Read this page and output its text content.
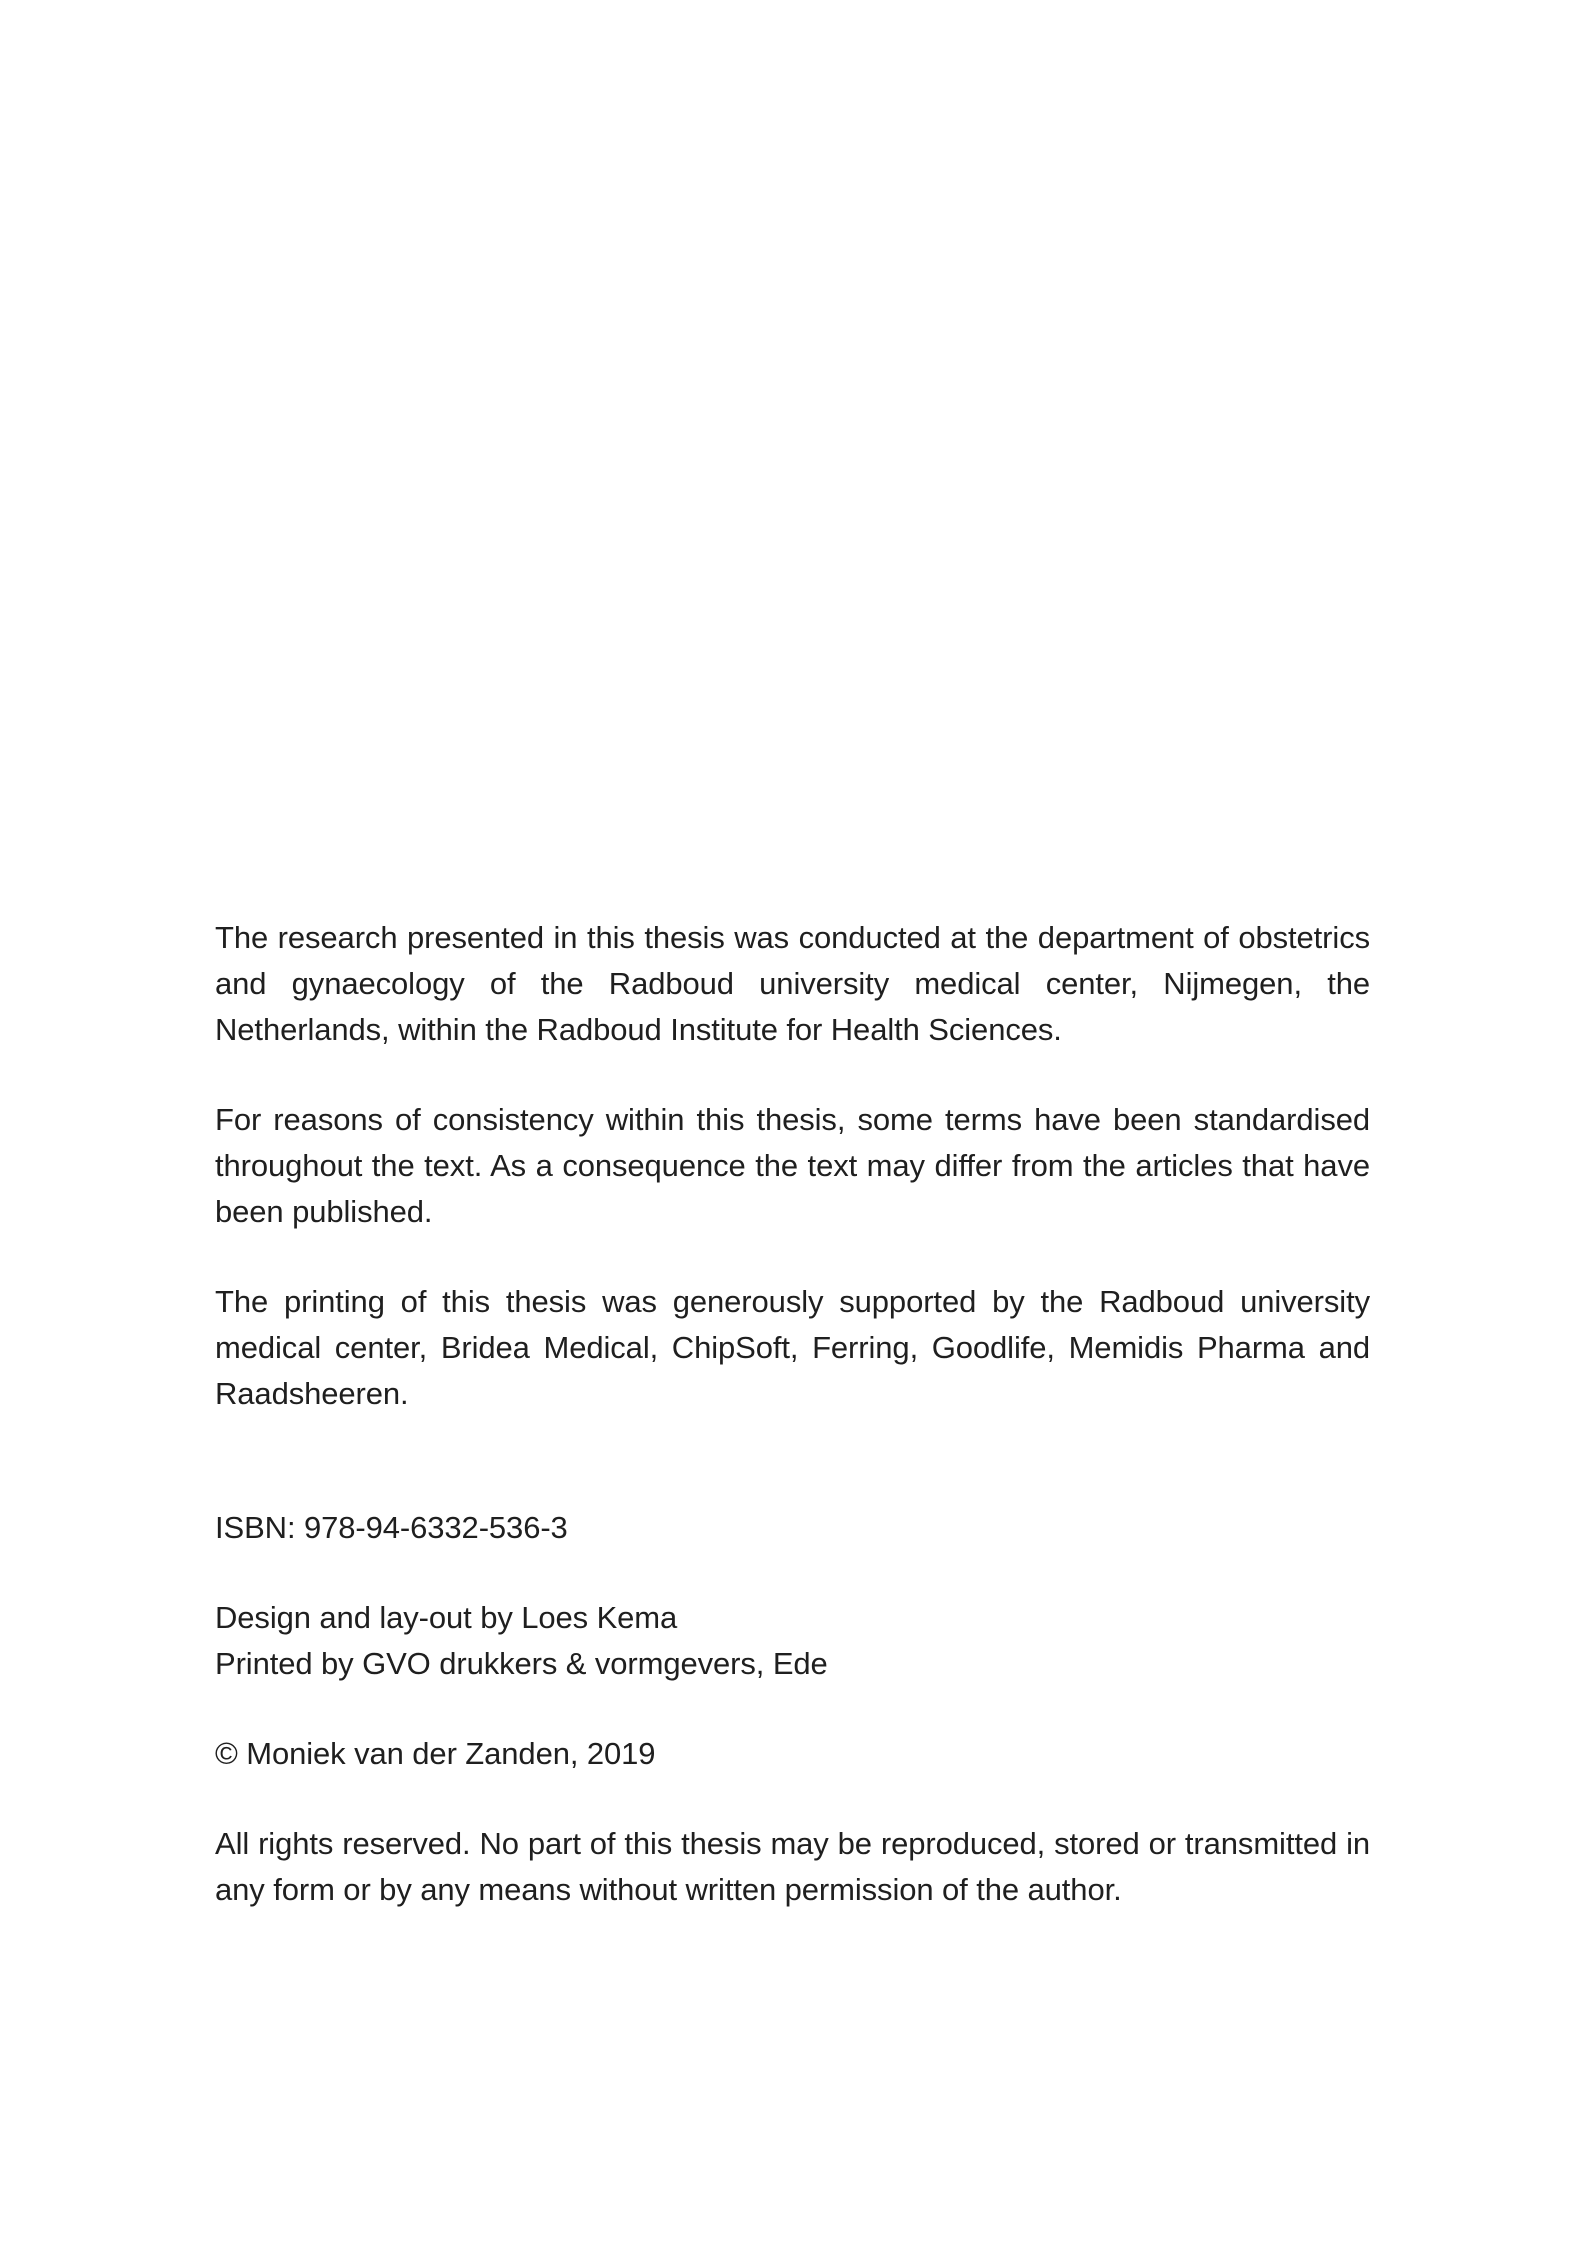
The research presented in this thesis was conducted at the department of obstetrics and gynaecology of the Radboud university medical center, Nijmegen, the Netherlands, within the Radboud Institute for Health Sciences.

For reasons of consistency within this thesis, some terms have been standardised throughout the text. As a consequence the text may differ from the articles that have been published.

The printing of this thesis was generously supported by the Radboud university medical center, Bridea Medical, ChipSoft, Ferring, Goodlife, Memidis Pharma and Raadsheeren.

ISBN: 978-94-6332-536-3

Design and lay-out by Loes Kema

Printed by GVO drukkers & vormgevers, Ede

© Moniek van der Zanden, 2019

All rights reserved. No part of this thesis may be reproduced, stored or transmitted in any form or by any means without written permission of the author.
